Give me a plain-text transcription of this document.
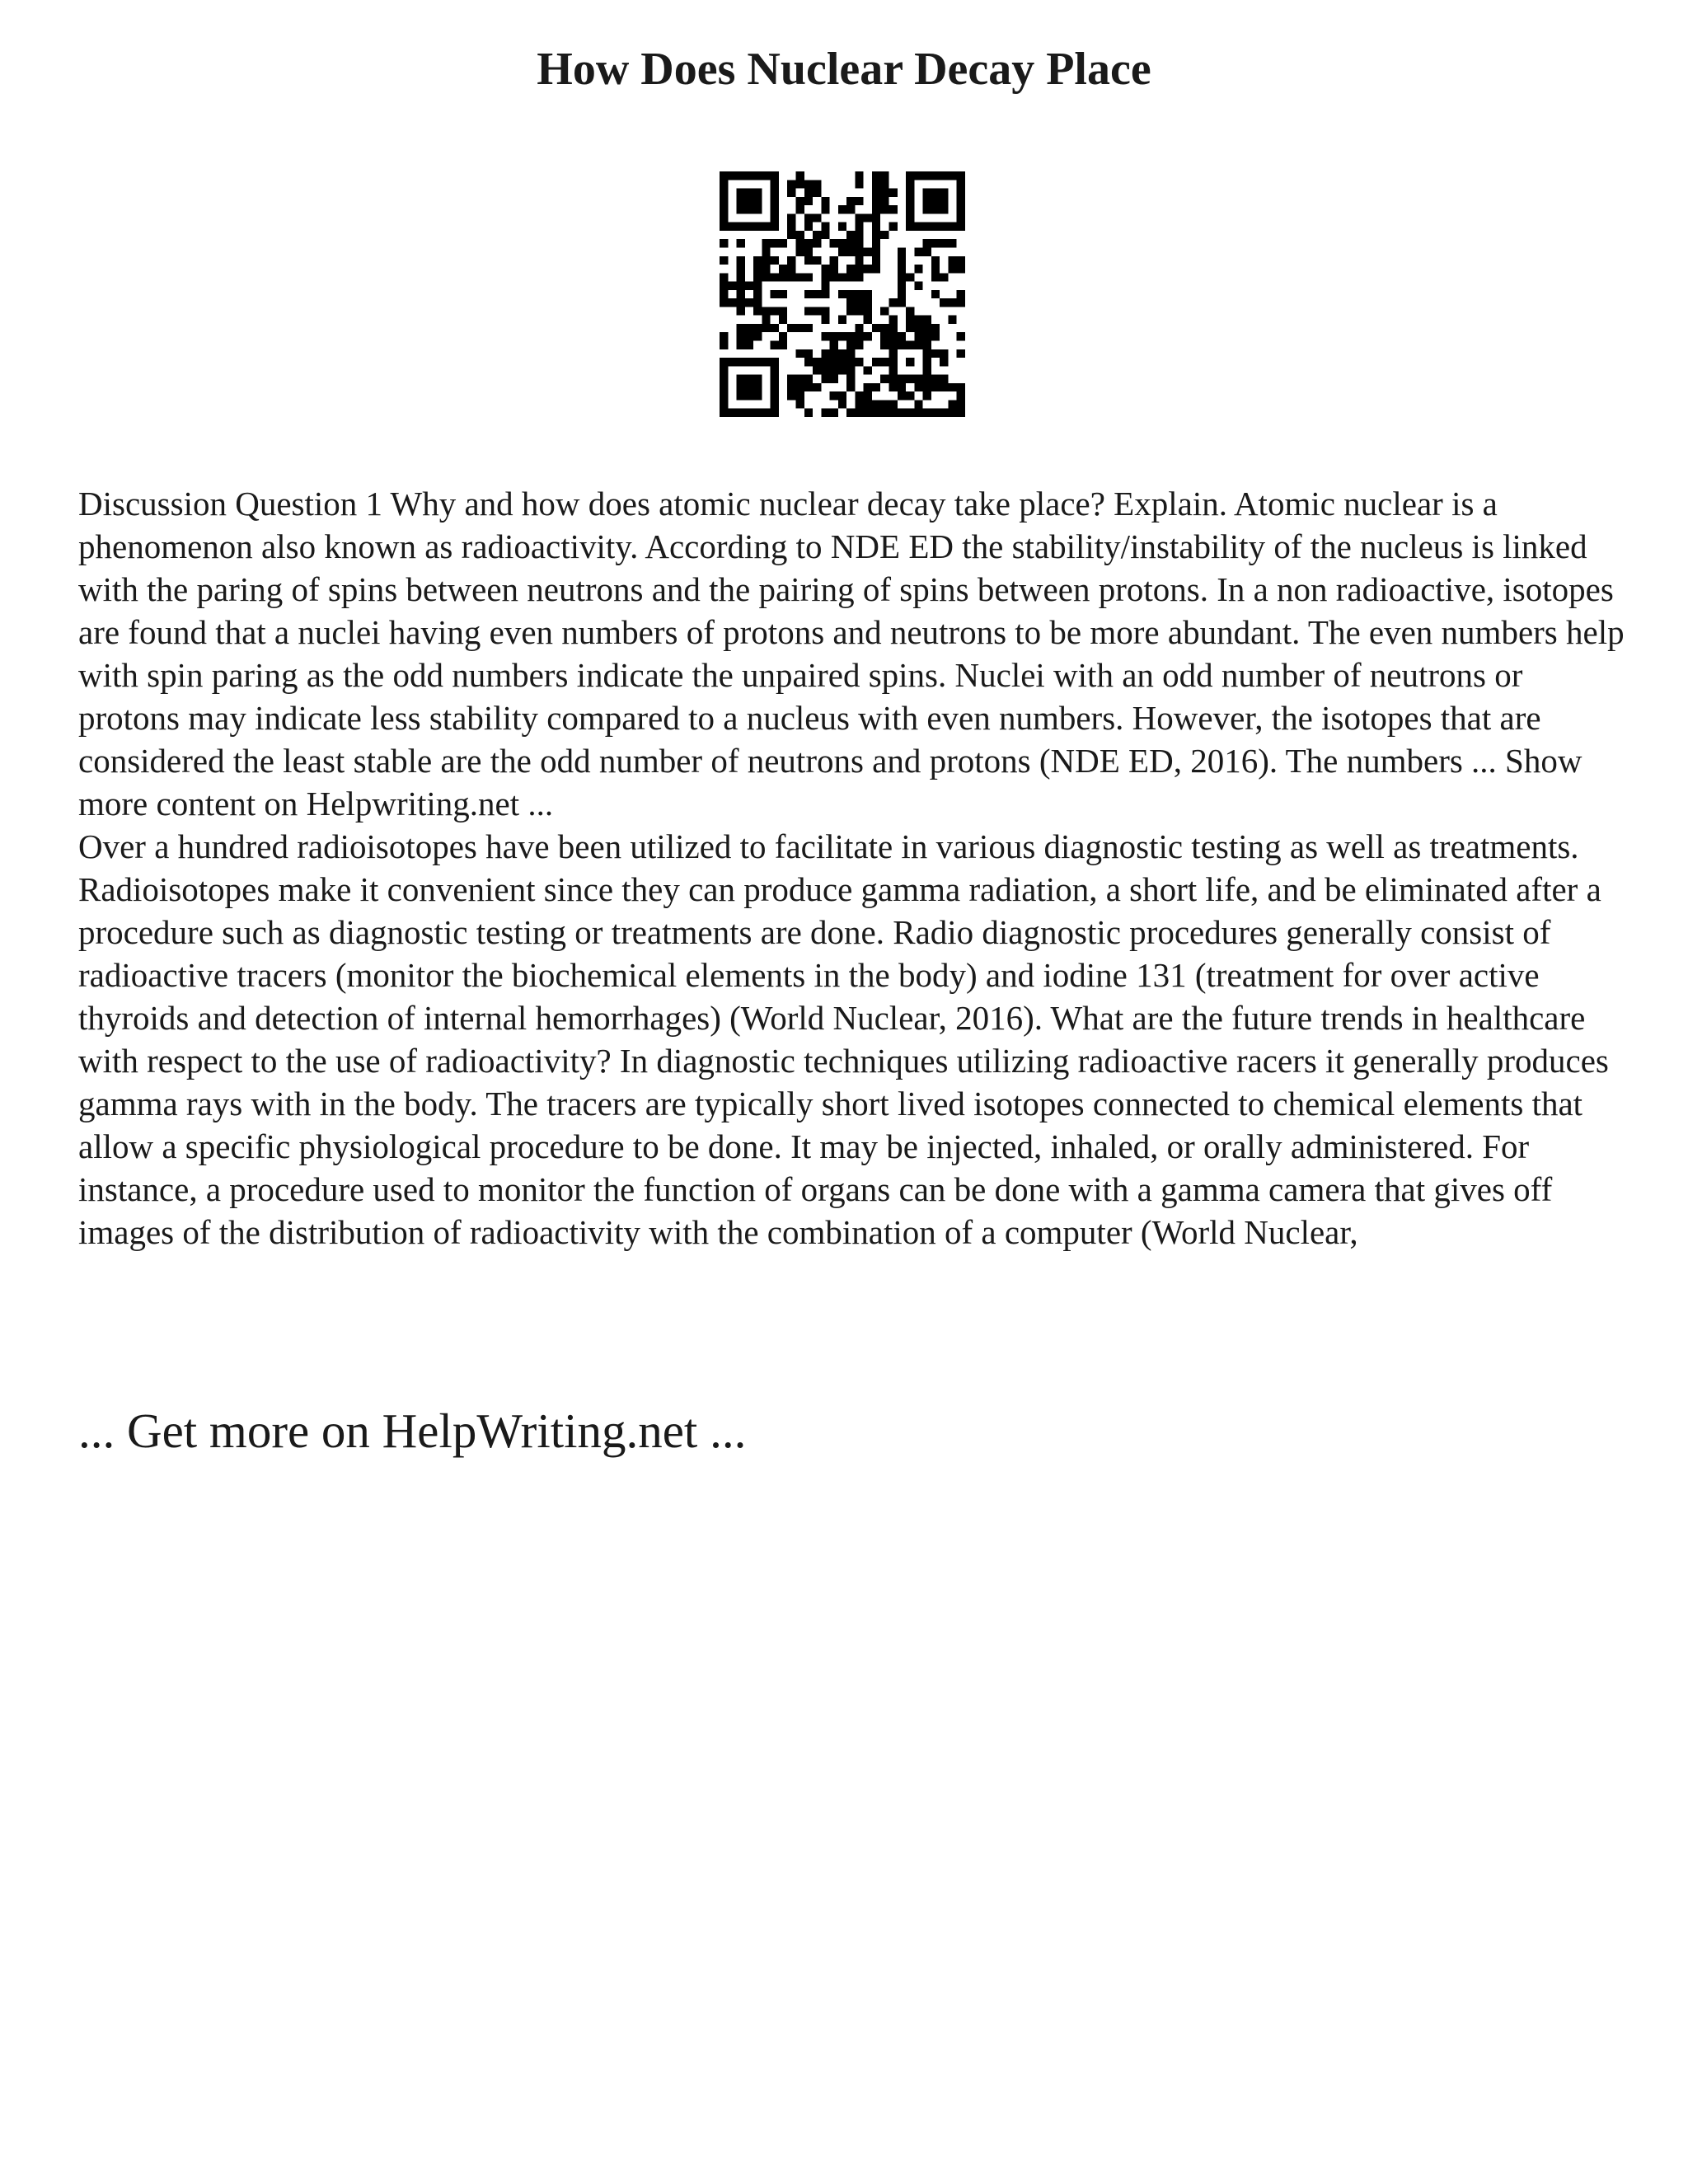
How Does Nuclear Decay Place

Discussion Question 1 Why and how does atomic nuclear decay take place? Explain. Atomic nuclear is a phenomenon also known as radioactivity. According to NDE ED the stability/instability of the nucleus is linked with the paring of spins between neutrons and the pairing of spins between protons. In a non radioactive, isotopes are found that a nuclei having even numbers of protons and neutrons to be more abundant. The even numbers help with spin paring as the odd numbers indicate the unpaired spins. Nuclei with an odd number of neutrons or protons may indicate less stability compared to a nucleus with even numbers. However, the isotopes that are considered the least stable are the odd number of neutrons and protons (NDE ED, 2016). The numbers ... Show more content on Helpwriting.net ...

Over a hundred radioisotopes have been utilized to facilitate in various diagnostic testing as well as treatments. Radioisotopes make it convenient since they can produce gamma radiation, a short life, and be eliminated after a procedure such as diagnostic testing or treatments are done. Radio diagnostic procedures generally consist of radioactive tracers (monitor the biochemical elements in the body) and iodine 131 (treatment for over active thyroids and detection of internal hemorrhages) (World Nuclear, 2016). What are the future trends in healthcare with respect to the use of radioactivity? In diagnostic techniques utilizing radioactive racers it generally produces gamma rays with in the body. The tracers are typically short lived isotopes connected to chemical elements that allow a specific physiological procedure to be done. It may be injected, inhaled, or orally administered. For instance, a procedure used to monitor the function of organs can be done with a gamma camera that gives off images of the distribution of radioactivity with the combination of a computer (World Nuclear,

... Get more on HelpWriting.net ...
